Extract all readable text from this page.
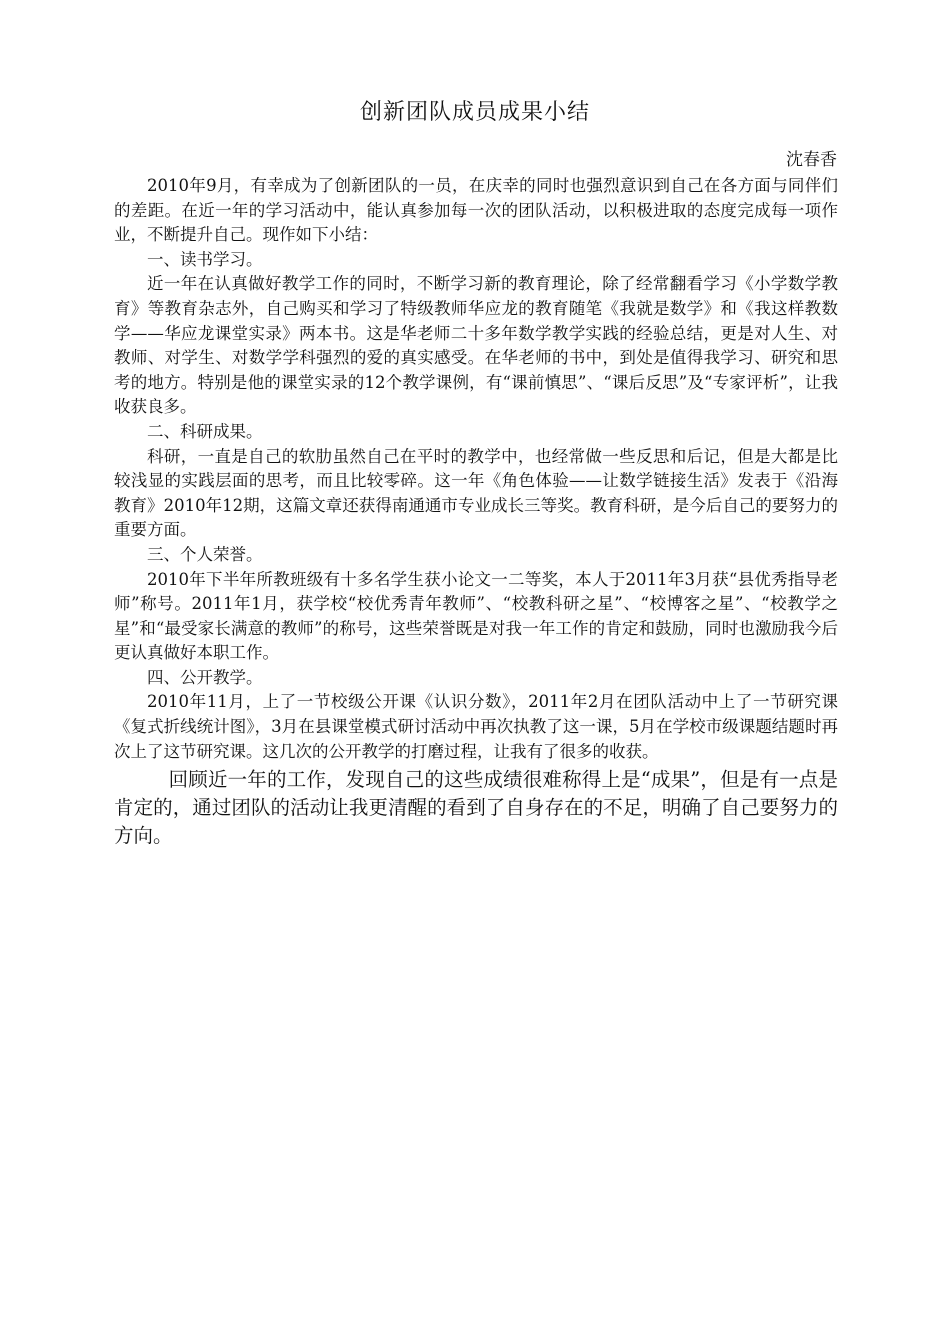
创新团队成员成果小结
沈春香

2010年9月，有幸成为了创新团队的一员，在庆幸的同时也强烈意识到自己在各方面与同伴们的差距。在近一年的学习活动中，能认真参加每一次的团队活动，以积极进取的态度完成每一项作业，不断提升自己。现作如下小结：

一、读书学习。

近一年在认真做好教学工作的同时，不断学习新的教育理论，除了经常翻看学习《小学数学教育》等教育杂志外，自己购买和学习了特级教师华应龙的教育随笔《我就是数学》和《我这样教数学——华应龙课堂实录》两本书。这是华老师二十多年数学教学实践的经验总结，更是对人生、对教师、对学生、对数学学科强烈的爱的真实感受。在华老师的书中，到处是值得我学习、研究和思考的地方。特别是他的课堂实录的12个教学课例，有“课前慎思”、“课后反思”及“专家评析”，让我收获良多。

二、科研成果。

科研，一直是自己的软肋虽然自己在平时的教学中，也经常做一些反思和后记，但是大都是比较浅显的实践层面的思考，而且比较零碎。这一年《角色体验——让数学链接生活》发表于《沿海教育》2010年12期，这篇文章还获得南通通市专业成长三等奖。教育科研，是今后自己的要努力的重要方面。

三、个人荣誉。

2010年下半年所教班级有十多名学生获小论文一二等奖，本人于2011年3月获“县优秀指导老师”称号。2011年1月，获学校“校优秀青年教师”、“校教科研之星”、“校博客之星”、“校教学之星”和“最受家长满意的教师”的称号，这些荣誉既是对我一年工作的肯定和鼓励，同时也激励我今后更认真做好本职工作。

四、公开教学。

2010年11月，上了一节校级公开课《认识分数》，2011年2月在团队活动中上了一节研究课《复式折线统计图》，3月在县课堂模式研讨活动中再次执教了这一课，5月在学校市级课题结题时再次上了这节研究课。这几次的公开教学的打磨过程，让我有了很多的收获。

回顾近一年的工作，发现自己的这些成绩很难称得上是“成果”，但是有一点是肯定的，通过团队的活动让我更清醒的看到了自身存在的不足，明确了自己要努力的方向。
